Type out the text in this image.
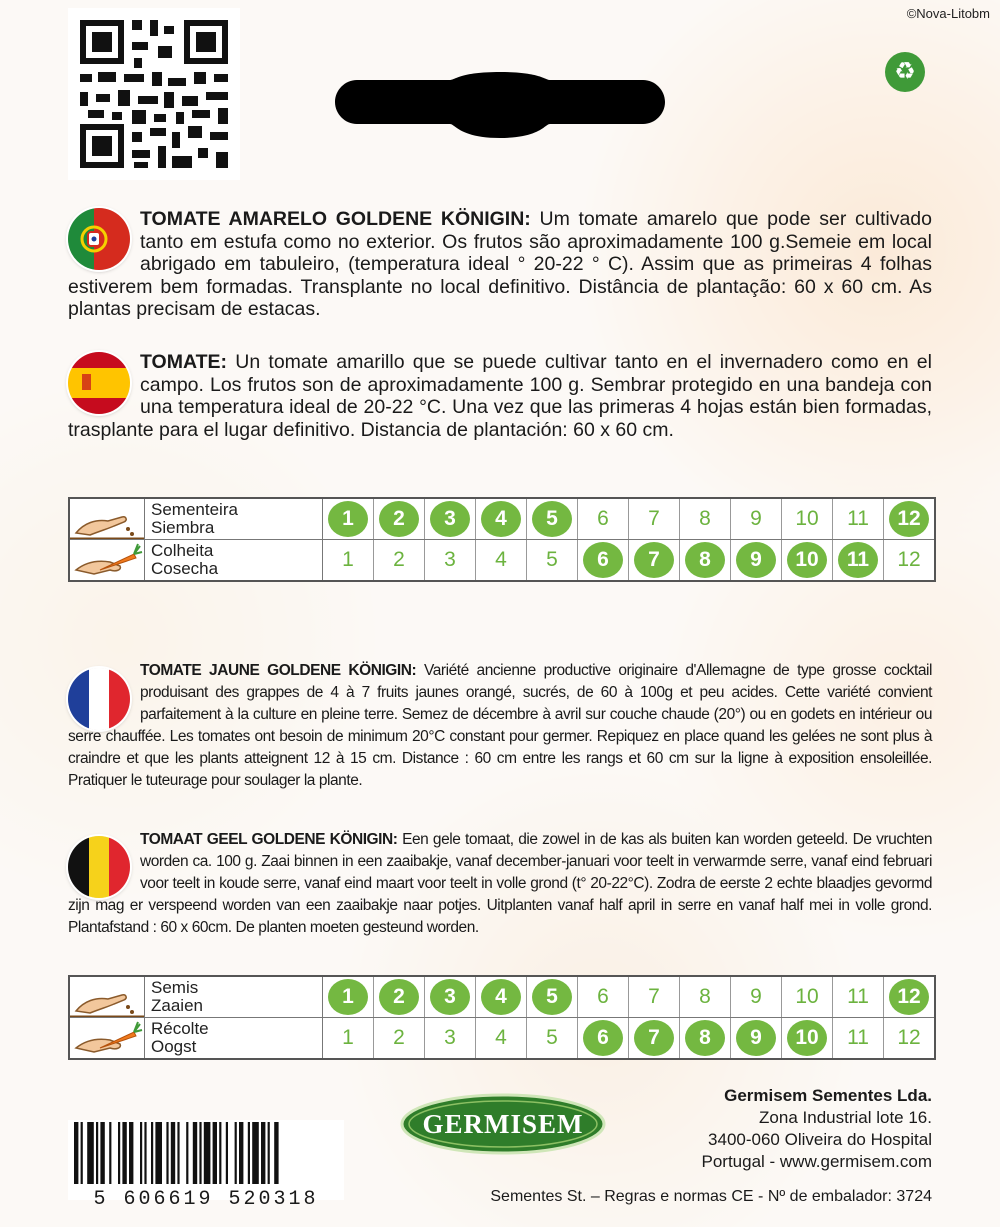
©Nova-Litobm
♻
TOMATE AMARELO GOLDENE KÖNIGIN: Um tomate amarelo que pode ser cultivado tanto em estufa como no exterior. Os frutos são aproximadamente 100 g.Semeie em local abrigado em tabuleiro, (temperatura ideal ° 20-22 ° C). Assim que as primeiras 4 folhas estiverem bem formadas. Transplante no local definitivo. Distância de plantação: 60 x 60 cm. As plantas precisam de estacas.
TOMATE: Un tomate amarillo que se puede cultivar tanto en el invernadero como en el campo. Los frutos son de aproximadamente 100 g. Sembrar protegido en una bandeja con una temperatura ideal de 20-22 °C. Una vez que las primeras 4 hojas están bien formadas, trasplante para el lugar definitivo. Distancia de plantación: 60 x 60 cm.
Sementeira
Siembra	1	2	3	4	5	6	7	8	9	10	11	12
Colheita
Cosecha	1	2	3	4	5	6	7	8	9	10	11	12
TOMATE JAUNE GOLDENE KÖNIGIN: Variété ancienne productive originaire d'Allemagne de type grosse cocktail produisant des grappes de 4 à 7 fruits jaunes orangé, sucrés, de 60 à 100g et peu acides. Cette variété convient parfaitement à la culture en pleine terre. Semez de décembre à avril sur couche chaude (20°) ou en godets en intérieur ou serre chauffée. Les tomates ont besoin de minimum 20°C constant pour germer. Repiquez en place quand les gelées ne sont plus à craindre et que les plants atteignent 12 à 15 cm. Distance : 60 cm entre les rangs et 60 cm sur la ligne à exposition ensoleillée. Pratiquer le tuteurage pour soulager la plante.
TOMAAT GEEL GOLDENE KÖNIGIN: Een gele tomaat, die zowel in de kas als buiten kan worden geteeld. De vruchten worden ca. 100 g. Zaai binnen in een zaaibakje, vanaf december-januari voor teelt in verwarmde serre, vanaf eind februari voor teelt in koude serre, vanaf eind maart voor teelt in volle grond (t° 20-22°C). Zodra de eerste 2 echte blaadjes gevormd zijn mag er verspeend worden van een zaaibakje naar potjes. Uitplanten vanaf half april in serre en vanaf half mei in volle grond. Plantafstand : 60 x 60cm. De planten moeten gesteund worden.
Semis
Zaaien	1	2	3	4	5	6	7	8	9	10	11	12
Récolte
Oogst	1	2	3	4	5	6	7	8	9	10	11	12
GERMISEM
Germisem Sementes Lda.
Zona Industrial lote 16.
3400-060 Oliveira do Hospital
Portugal - www.germisem.com
5 606619 520318	Sementes St. – Regras e normas CE - Nº de embalador: 3724
